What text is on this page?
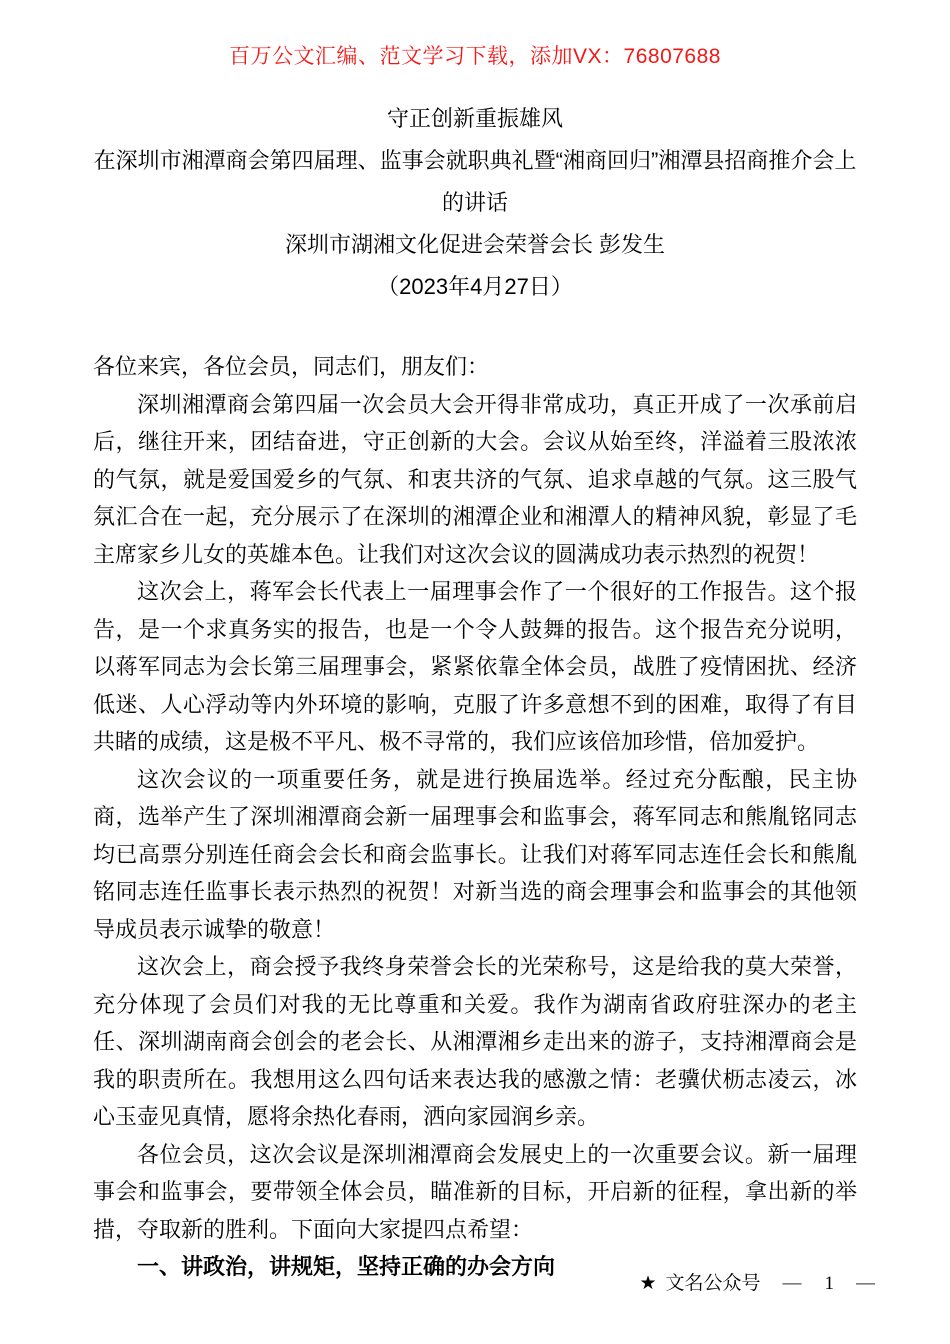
百万公文汇编、范文学习下载，添加VX：76807688
守正创新重振雄风
在深圳市湘潭商会第四届理、监事会就职典礼暨“湘商回归”湘潭县招商推介会上的讲话
深圳市湖湘文化促进会荣誉会长 彭发生
（2023年4月27日）

各位来宾，各位会员，同志们，朋友们：

深圳湘潭商会第四届一次会员大会开得非常成功，真正开成了一次承前启后，继往开来，团结奋进，守正创新的大会。会议从始至终，洋溢着三股浓浓的气氛，就是爱国爱乡的气氛、和衷共济的气氛、追求卓越的气氛。这三股气氛汇合在一起，充分展示了在深圳的湘潭企业和湘潭人的精神风貌，彰显了毛主席家乡儿女的英雄本色。让我们对这次会议的圆满成功表示热烈的祝贺！

这次会上，蒋军会长代表上一届理事会作了一个很好的工作报告。这个报告，是一个求真务实的报告，也是一个令人鼓舞的报告。这个报告充分说明，以蒋军同志为会长第三届理事会，紧紧依靠全体会员，战胜了疫情困扰、经济低迷、人心浮动等内外环境的影响，克服了许多意想不到的困难，取得了有目共睹的成绩，这是极不平凡、极不寻常的，我们应该倍加珍惜，倍加爱护。

这次会议的一项重要任务，就是进行换届选举。经过充分酝酿，民主协商，选举产生了深圳湘潭商会新一届理事会和监事会，蒋军同志和熊胤铭同志均已高票分别连任商会会长和商会监事长。让我们对蒋军同志连任会长和熊胤铭同志连任监事长表示热烈的祝贺！对新当选的商会理事会和监事会的其他领导成员表示诚挚的敬意！

这次会上，商会授予我终身荣誉会长的光荣称号，这是给我的莫大荣誉，充分体现了会员们对我的无比尊重和关爱。我作为湖南省政府驻深办的老主任、深圳湖南商会创会的老会长、从湘潭湘乡走出来的游子，支持湘潭商会是我的职责所在。我想用这么四句话来表达我的感激之情：老骥伏枥志凌云，冰心玉壶见真情，愿将余热化春雨，洒向家园润乡亲。

各位会员，这次会议是深圳湘潭商会发展史上的一次重要会议。新一届理事会和监事会，要带领全体会员，瞄准新的目标，开启新的征程，拿出新的举措，夺取新的胜利。下面向大家提四点希望：

一、讲政治，讲规矩，坚持正确的办会方向

★ 文名公众号 — 1 —
